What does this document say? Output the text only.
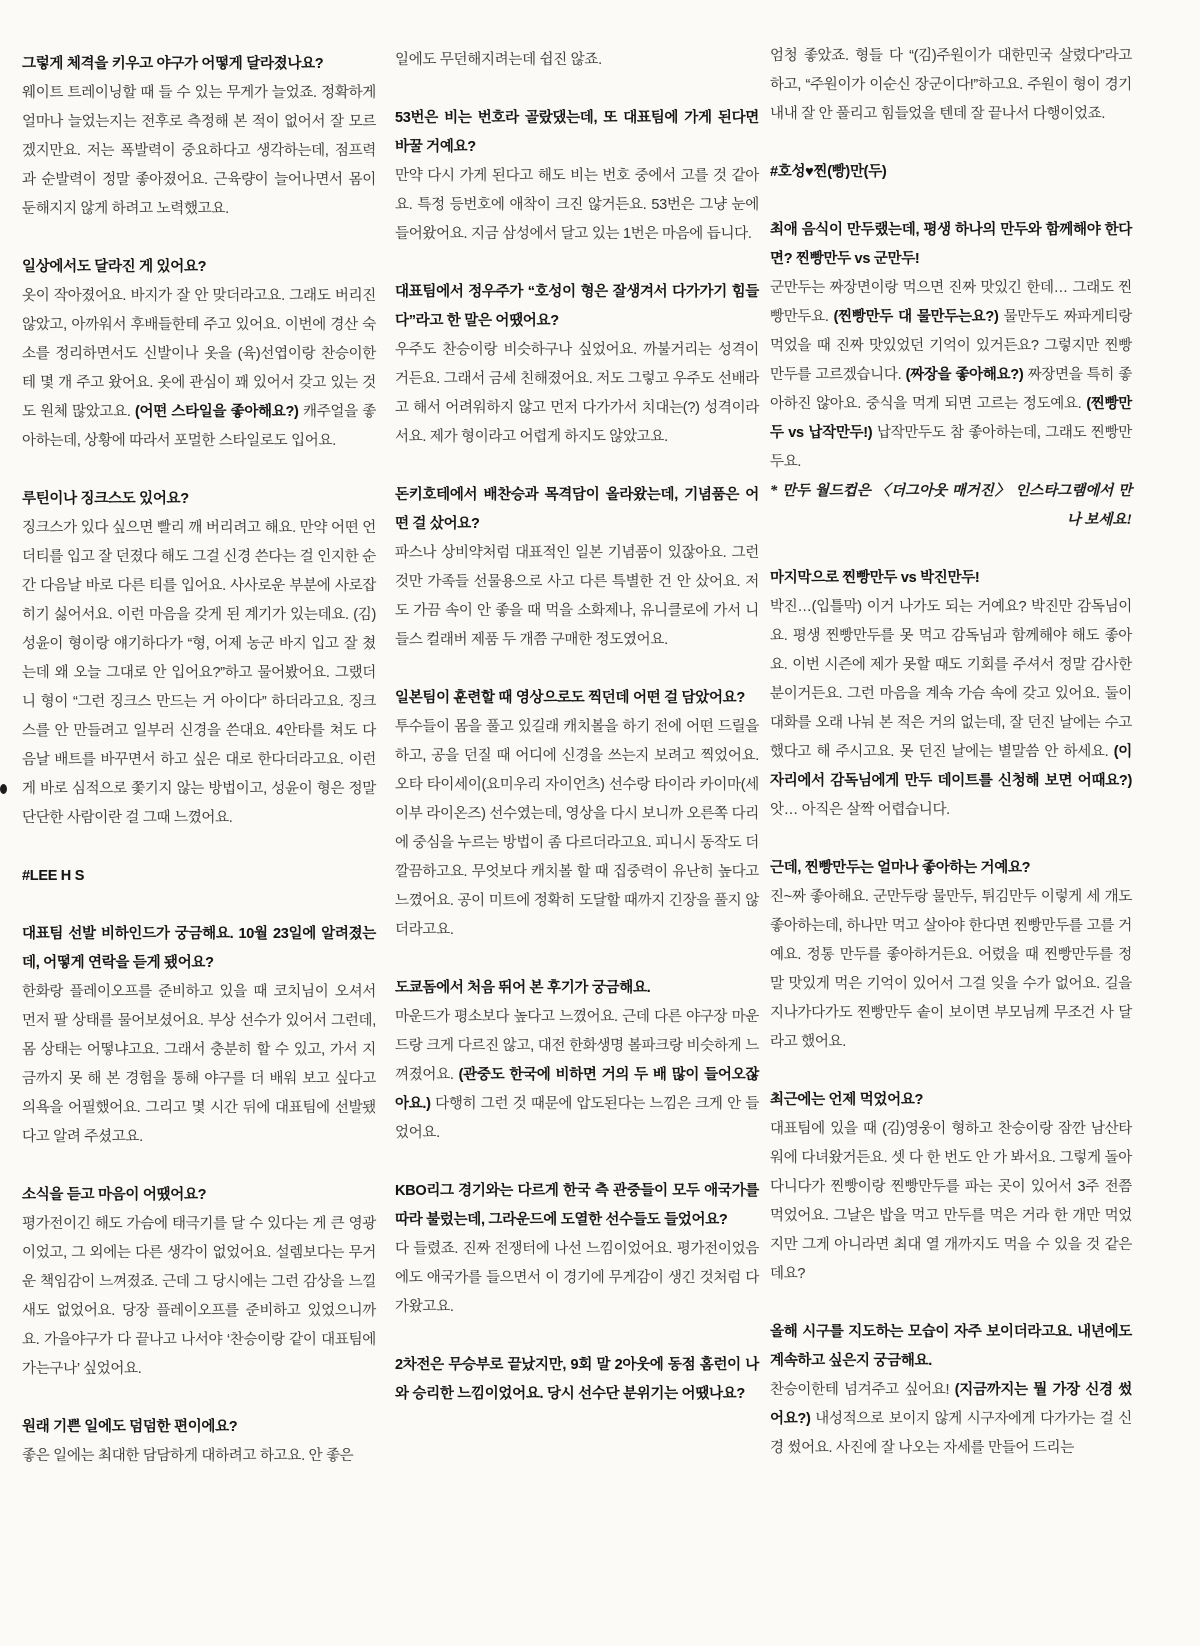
그렇게 체격을 키우고 야구가 어떻게 달라졌나요?

웨이트 트레이닝할 때 들 수 있는 무게가 늘었죠. 정확하게 얼마나 늘었는지는 전후로 측정해 본 적이 없어서 잘 모르겠지만요. 저는 폭발력이 중요하다고 생각하는데, 점프력과 순발력이 정말 좋아졌어요. 근육량이 늘어나면서 몸이 둔해지지 않게 하려고 노력했고요.

일상에서도 달라진 게 있어요?

옷이 작아졌어요. 바지가 잘 안 맞더라고요. 그래도 버리진 않았고, 아까워서 후배들한테 주고 있어요. 이번에 경산 숙소를 정리하면서도 신발이나 옷을 (육)선엽이랑 찬승이한테 몇 개 주고 왔어요. 옷에 관심이 꽤 있어서 갖고 있는 것도 원체 많았고요. (어떤 스타일을 좋아해요?) 캐주얼을 좋아하는데, 상황에 따라서 포멀한 스타일로도 입어요.

루틴이나 징크스도 있어요?

징크스가 있다 싶으면 빨리 깨 버리려고 해요. 만약 어떤 언더티를 입고 잘 던졌다 해도 그걸 신경 쓴다는 걸 인지한 순간 다음날 바로 다른 티를 입어요. 사사로운 부분에 사로잡히기 싫어서요. 이런 마음을 갖게 된 계기가 있는데요. (김)성윤이 형이랑 얘기하다가 “형, 어제 농군 바지 입고 잘 쳤는데 왜 오늘 그대로 안 입어요?”하고 물어봤어요. 그랬더니 형이 “그런 징크스 만드는 거 아이다” 하더라고요. 징크스를 안 만들려고 일부러 신경을 쓴대요. 4안타를 쳐도 다음날 배트를 바꾸면서 하고 싶은 대로 한다더라고요. 이런 게 바로 심적으로 쫓기지 않는 방법이고, 성윤이 형은 정말 단단한 사람이란 걸 그때 느꼈어요.

#LEE H S

대표팀 선발 비하인드가 궁금해요. 10월 23일에 알려졌는데, 어떻게 연락을 듣게 됐어요?

한화랑 플레이오프를 준비하고 있을 때 코치님이 오셔서 먼저 팔 상태를 물어보셨어요. 부상 선수가 있어서 그런데, 몸 상태는 어떻냐고요. 그래서 충분히 할 수 있고, 가서 지금까지 못 해 본 경험을 통해 야구를 더 배워 보고 싶다고 의욕을 어필했어요. 그리고 몇 시간 뒤에 대표팀에 선발됐다고 알려 주셨고요.

소식을 듣고 마음이 어땠어요?

평가전이긴 해도 가슴에 태극기를 달 수 있다는 게 큰 영광이었고, 그 외에는 다른 생각이 없었어요. 설렘보다는 무거운 책임감이 느껴졌죠. 근데 그 당시에는 그런 감상을 느낄 새도 없었어요. 당장 플레이오프를 준비하고 있었으니까요. 가을야구가 다 끝나고 나서야 ‘찬승이랑 같이 대표팀에 가는구나’ 싶었어요.

원래 기쁜 일에도 덤덤한 편이에요?

좋은 일에는 최대한 담담하게 대하려고 하고요. 안 좋은

일에도 무던해지려는데 쉽진 않죠.

53번은 비는 번호라 골랐댔는데, 또 대표팀에 가게 된다면 바꿀 거예요?

만약 다시 가게 된다고 해도 비는 번호 중에서 고를 것 같아요. 특정 등번호에 애착이 크진 않거든요. 53번은 그냥 눈에 들어왔어요. 지금 삼성에서 달고 있는 1번은 마음에 듭니다.

대표팀에서 정우주가 “호성이 형은 잘생겨서 다가가기 힘들다”라고 한 말은 어땠어요?

우주도 찬승이랑 비슷하구나 싶었어요. 까불거리는 성격이거든요. 그래서 금세 친해졌어요. 저도 그렇고 우주도 선배라고 해서 어려워하지 않고 먼저 다가가서 치대는(?) 성격이라서요. 제가 형이라고 어렵게 하지도 않았고요.

돈키호테에서 배찬승과 목격담이 올라왔는데, 기념품은 어떤 걸 샀어요?

파스나 상비약처럼 대표적인 일본 기념품이 있잖아요. 그런 것만 가족들 선물용으로 사고 다른 특별한 건 안 샀어요. 저도 가끔 속이 안 좋을 때 먹을 소화제나, 유니클로에 가서 니들스 컬래버 제품 두 개쯤 구매한 정도였어요.

일본팀이 훈련할 때 영상으로도 찍던데 어떤 걸 담았어요?

투수들이 몸을 풀고 있길래 캐치볼을 하기 전에 어떤 드릴을 하고, 공을 던질 때 어디에 신경을 쓰는지 보려고 찍었어요. 오타 타이세이(요미우리 자이언츠) 선수랑 타이라 카이마(세이부 라이온즈) 선수였는데, 영상을 다시 보니까 오른쪽 다리에 중심을 누르는 방법이 좀 다르더라고요. 피니시 동작도 더 깔끔하고요. 무엇보다 캐치볼 할 때 집중력이 유난히 높다고 느꼈어요. 공이 미트에 정확히 도달할 때까지 긴장을 풀지 않더라고요.

도쿄돔에서 처음 뛰어 본 후기가 궁금해요.

마운드가 평소보다 높다고 느꼈어요. 근데 다른 야구장 마운드랑 크게 다르진 않고, 대전 한화생명 볼파크랑 비슷하게 느껴졌어요. (관중도 한국에 비하면 거의 두 배 많이 들어오잖아요.) 다행히 그런 것 때문에 압도된다는 느낌은 크게 안 들었어요.

KBO리그 경기와는 다르게 한국 측 관중들이 모두 애국가를 따라 불렀는데, 그라운드에 도열한 선수들도 들었어요?

다 들렸죠. 진짜 전쟁터에 나선 느낌이었어요. 평가전이었음에도 애국가를 들으면서 이 경기에 무게감이 생긴 것처럼 다가왔고요.

2차전은 무승부로 끝났지만, 9회 말 2아웃에 동점 홈런이 나와 승리한 느낌이었어요. 당시 선수단 분위기는 어땠나요?

엄청 좋았죠. 형들 다 “(김)주원이가 대한민국 살렸다”라고 하고, “주원이가 이순신 장군이다!”하고요. 주원이 형이 경기 내내 잘 안 풀리고 힘들었을 텐데 잘 끝나서 다행이었죠.

#호성♥찐(빵)만(두)

최애 음식이 만두랬는데, 평생 하나의 만두와 함께해야 한다면? 찐빵만두 vs 군만두!

군만두는 짜장면이랑 먹으면 진짜 맛있긴 한데… 그래도 찐빵만두요. (찐빵만두 대 물만두는요?) 물만두도 짜파게티랑 먹었을 때 진짜 맛있었던 기억이 있거든요? 그렇지만 찐빵만두를 고르겠습니다. (짜장을 좋아해요?) 짜장면을 특히 좋아하진 않아요. 중식을 먹게 되면 고르는 정도예요. (찐빵만두 vs 납작만두!) 납작만두도 참 좋아하는데, 그래도 찐빵만두요.

* 만두 월드컵은 〈더그아웃 매거진〉 인스타그램에서 만나 보세요!

마지막으로 찐빵만두 vs 박진만두!

박진…(입틀막) 이거 나가도 되는 거예요? 박진만 감독님이요. 평생 찐빵만두를 못 먹고 감독님과 함께해야 해도 좋아요. 이번 시즌에 제가 못할 때도 기회를 주셔서 정말 감사한 분이거든요. 그런 마음을 계속 가슴 속에 갖고 있어요. 둘이 대화를 오래 나눠 본 적은 거의 없는데, 잘 던진 날에는 수고했다고 해 주시고요. 못 던진 날에는 별말씀 안 하세요. (이 자리에서 감독님에게 만두 데이트를 신청해 보면 어때요?) 앗… 아직은 살짝 어렵습니다.

근데, 찐빵만두는 얼마나 좋아하는 거예요?

진~짜 좋아해요. 군만두랑 물만두, 튀김만두 이렇게 세 개도 좋아하는데, 하나만 먹고 살아야 한다면 찐빵만두를 고를 거예요. 정통 만두를 좋아하거든요. 어렸을 때 찐빵만두를 정말 맛있게 먹은 기억이 있어서 그걸 잊을 수가 없어요. 길을 지나가다가도 찐빵만두 솥이 보이면 부모님께 무조건 사 달라고 했어요.

최근에는 언제 먹었어요?

대표팀에 있을 때 (김)영웅이 형하고 찬승이랑 잠깐 남산타워에 다녀왔거든요. 셋 다 한 번도 안 가 봐서요. 그렇게 돌아다니다가 찐빵이랑 찐빵만두를 파는 곳이 있어서 3주 전쯤 먹었어요. 그날은 밥을 먹고 만두를 먹은 거라 한 개만 먹었지만 그게 아니라면 최대 열 개까지도 먹을 수 있을 것 같은데요?

올해 시구를 지도하는 모습이 자주 보이더라고요. 내년에도 계속하고 싶은지 궁금해요.

찬승이한테 넘겨주고 싶어요! (지금까지는 뭘 가장 신경 썼어요?) 내성적으로 보이지 않게 시구자에게 다가가는 걸 신경 썼어요. 사진에 잘 나오는 자세를 만들어 드리는
